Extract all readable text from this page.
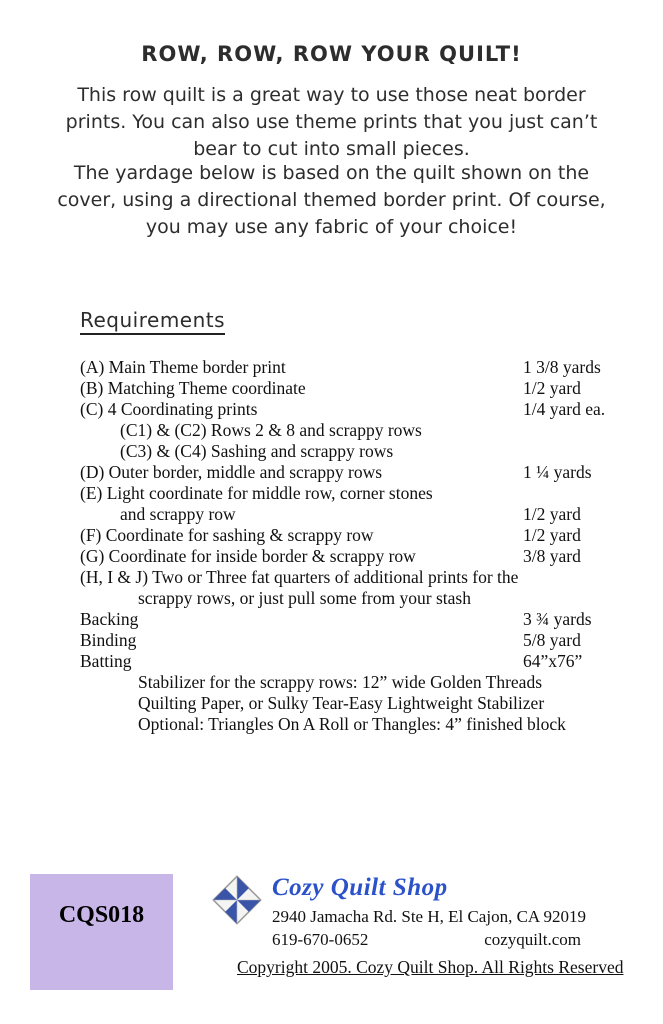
ROW, ROW, ROW YOUR QUILT!
This row quilt is a great way to use those neat border
prints. You can also use theme prints that you just can’t
bear to cut into small pieces.
The yardage below is based on the quilt shown on the
cover, using a directional themed border print. Of course,
you may use any fabric of your choice!
Requirements
(A) Main Theme border print	1 3/8 yards
(B) Matching Theme coordinate	1/2 yard
(C) 4 Coordinating prints	1/4 yard ea.
(C1) & (C2) Rows 2 & 8 and scrappy rows
(C3) & (C4) Sashing and scrappy rows
(D) Outer border, middle and scrappy rows	1 ¼ yards
(E) Light coordinate for middle row, corner stones
and scrappy row	1/2 yard
(F) Coordinate for sashing & scrappy row	1/2 yard
(G) Coordinate for inside border & scrappy row	3/8 yard
(H, I & J) Two or Three fat quarters of additional prints for the
scrappy rows, or just pull some from your stash
Backing	3 ¾ yards
Binding	5/8 yard
Batting	64”x76”
Stabilizer for the scrappy rows: 12” wide Golden Threads
Quilting Paper, or Sulky Tear-Easy Lightweight Stabilizer
Optional: Triangles On A Roll or Thangles: 4” finished block
CQS018
Cozy Quilt Shop
2940 Jamacha Rd. Ste H, El Cajon, CA 92019
619-670-0652	cozyquilt.com
Copyright 2005. Cozy Quilt Shop. All Rights Reserved
